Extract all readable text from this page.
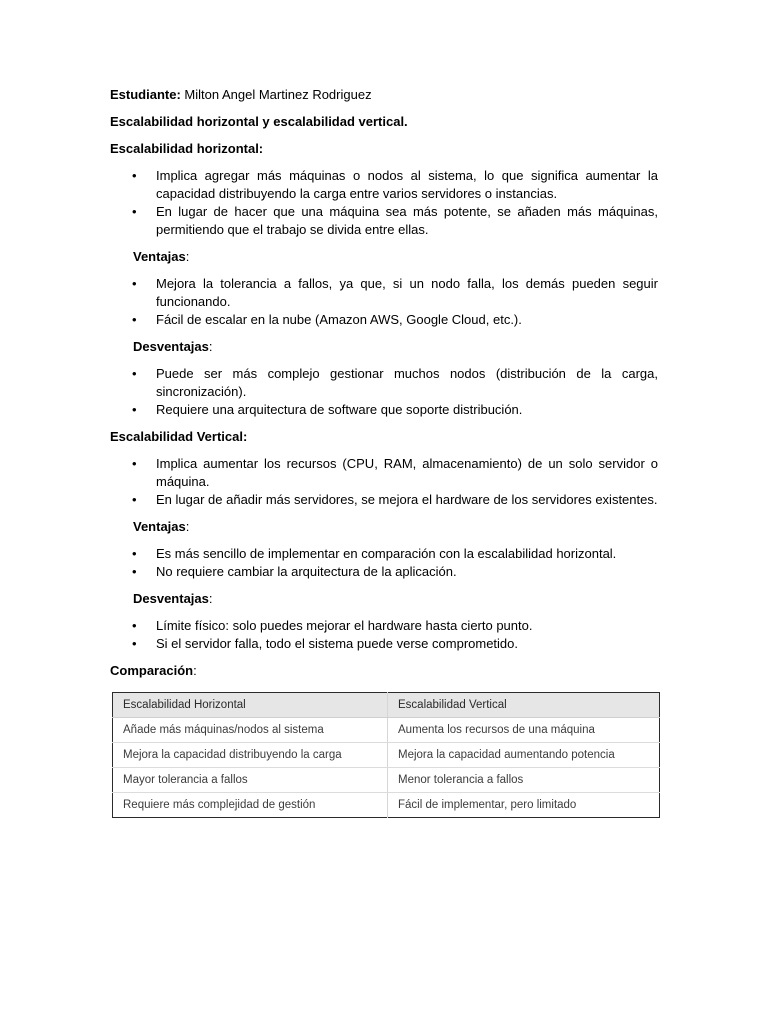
Estudiante: Milton Angel Martinez Rodriguez

Escalabilidad horizontal y escalabilidad vertical.

Escalabilidad horizontal:

• Implica agregar más máquinas o nodos al sistema, lo que significa aumentar la capacidad distribuyendo la carga entre varios servidores o instancias.
• En lugar de hacer que una máquina sea más potente, se añaden más máquinas, permitiendo que el trabajo se divida entre ellas.

Ventajas:

• Mejora la tolerancia a fallos, ya que, si un nodo falla, los demás pueden seguir funcionando.
• Fácil de escalar en la nube (Amazon AWS, Google Cloud, etc.).

Desventajas:

• Puede ser más complejo gestionar muchos nodos (distribución de la carga, sincronización).
• Requiere una arquitectura de software que soporte distribución.

Escalabilidad Vertical:

• Implica aumentar los recursos (CPU, RAM, almacenamiento) de un solo servidor o máquina.
• En lugar de añadir más servidores, se mejora el hardware de los servidores existentes.

Ventajas:

• Es más sencillo de implementar en comparación con la escalabilidad horizontal.
• No requiere cambiar la arquitectura de la aplicación.

Desventajas:

• Límite físico: solo puedes mejorar el hardware hasta cierto punto.
• Si el servidor falla, todo el sistema puede verse comprometido.

Comparación:

Escalabilidad Horizontal	Escalabilidad Vertical
Añade más máquinas/nodos al sistema	Aumenta los recursos de una máquina
Mejora la capacidad distribuyendo la carga	Mejora la capacidad aumentando potencia
Mayor tolerancia a fallos	Menor tolerancia a fallos
Requiere más complejidad de gestión	Fácil de implementar, pero limitado
